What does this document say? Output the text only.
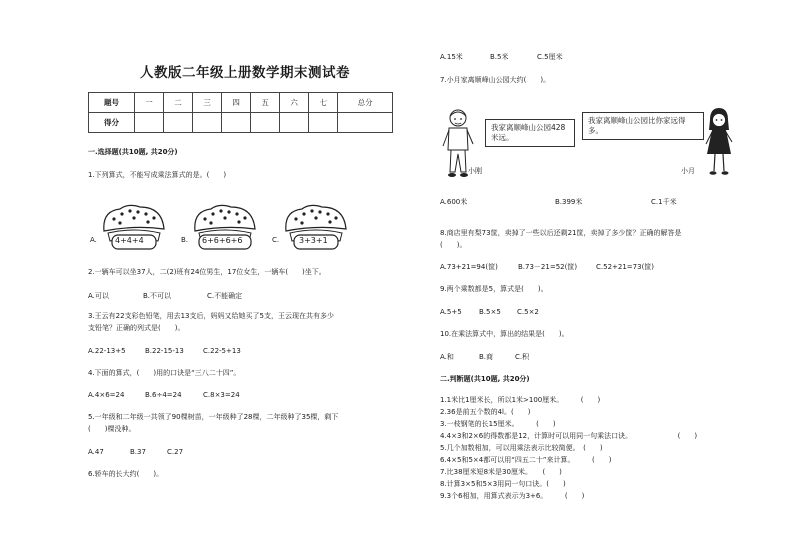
人教版二年级上册数学期末测试卷
题号	一	二	三	四	五	六	七	总分
得分								
一.选择题(共10题, 共20分)
1.下列算式，不能写成乘法算式的是。(　　)
A. 4+4+4	B. 6+6+6+6	C. 3+3+1
2.一辆车可以坐37人，二(2)班有24位男生，17位女生，一辆车(　　)坐下。
A.可以	B.不可以	C.不能确定
3.王云有22支彩色铅笔，用去13支后，妈妈又给她买了5支，王云现在共有多少
支铅笔？正确的列式是(　　)。
A.22-13+5	B.22-15-13	C.22-5+13
4.下面的算式，(　　)用的口诀是“三八二十四”。
A.4×6=24	B.6÷4=24	C.8×3=24
5.一年级和二年级一共领了90棵树苗，一年级种了28棵，二年级种了35棵，剩下
(　　)棵没种。
A.47	B.37	C.27
6.轿车的长大约(　　)。
A.15米	B.5米	C.5厘米
7.小月家离顺峰山公园大约(　　)。
我家离顺峰山公园428米远。
小刚
我家离顺峰山公园比你家远得多。
小月
A.600米	B.399米	C.1千米
8.商店里有梨73筐，卖掉了一些以后还剩21筐，卖掉了多少筐？正确的解答是
(　　)。
A.73+21=94(筐)	B.73－21=52(筐)	C.52+21=73(筐)
9.两个乘数都是5，算式是(　　)。
A.5+5 B.5×5 C.5×2
10.在乘法算式中，算出的结果是(　　)。
A.和	B.商	C.积
二.判断题(共10题, 共20分)
1.1米比1厘米长，所以1米>100厘米。　　　(　　)
2.36是前五个数的4l。(　　)
3.一枝钢笔的长15厘米。　　　(　　)
4.4×3和2×6的得数都是12，计算时可以用同一句乘法口诀。　　　　　　　(　　)
5.几个加数相加，可以用乘法表示比较简便。　(　　)
6.4×5和5×4都可以用“四五二十”来计算。　　　(　　)
7.比38厘米短8米是30厘米。　　(　　)
8.计算3×5和5×3用同一句口诀。(　　)
9.3个6相加，用算式表示为3+6。　　　(　　)
